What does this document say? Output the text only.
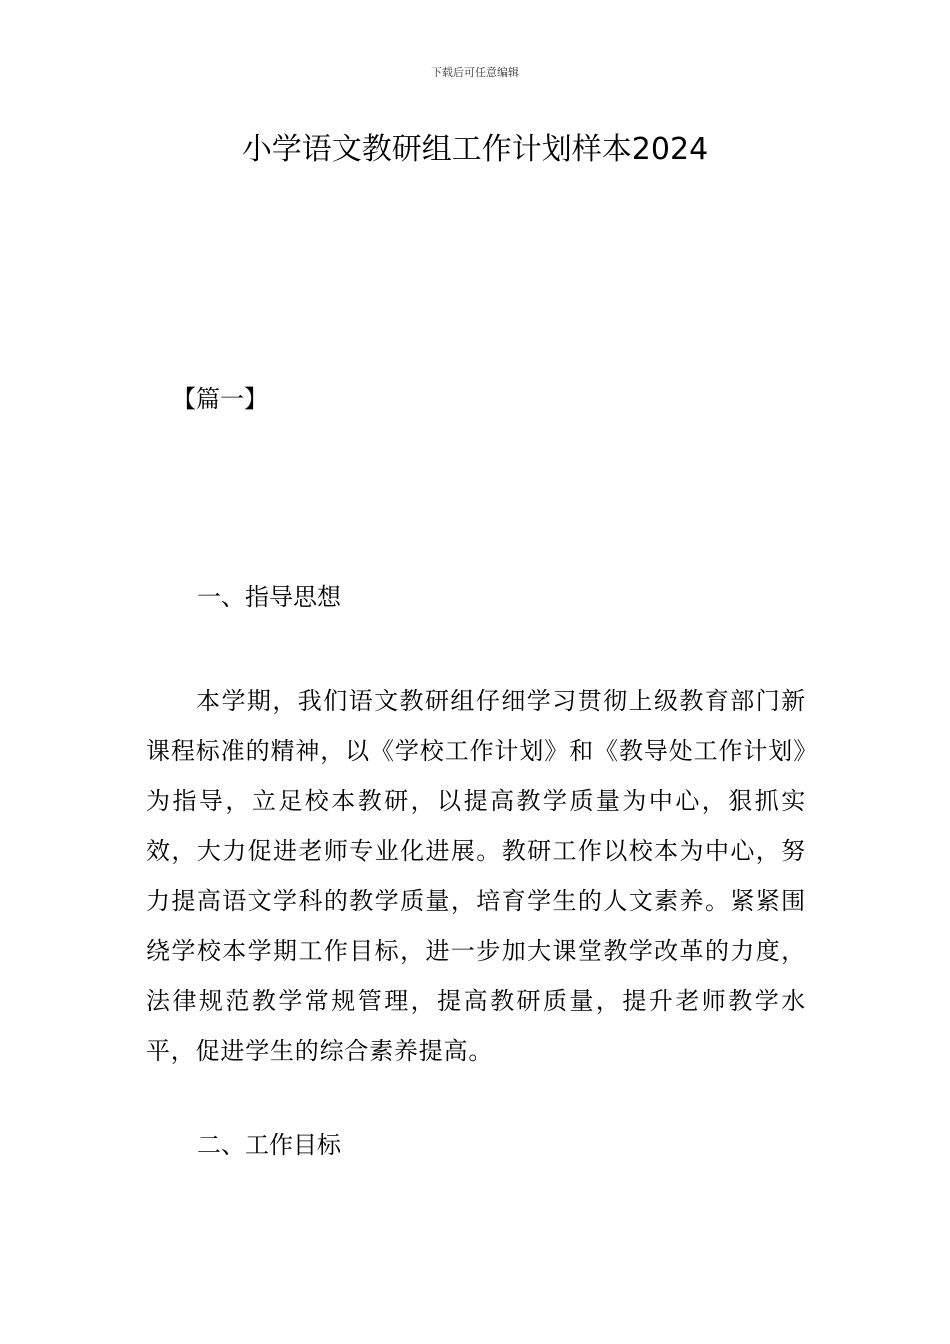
下载后可任意编辑
小学语文教研组工作计划样本2024
【篇一】
一、指导思想

本学期，我们语文教研组仔细学习贯彻上级教育部门新课程标准的精神，以《学校工作计划》和《教导处工作计划》为指导，立足校本教研，以提高教学质量为中心，狠抓实效，大力促进老师专业化进展。教研工作以校本为中心，努力提高语文学科的教学质量，培育学生的人文素养。紧紧围绕学校本学期工作目标，进一步加大课堂教学改革的力度，法律规范教学常规管理，提高教研质量，提升老师教学水平，促进学生的综合素养提高。

二、工作目标
